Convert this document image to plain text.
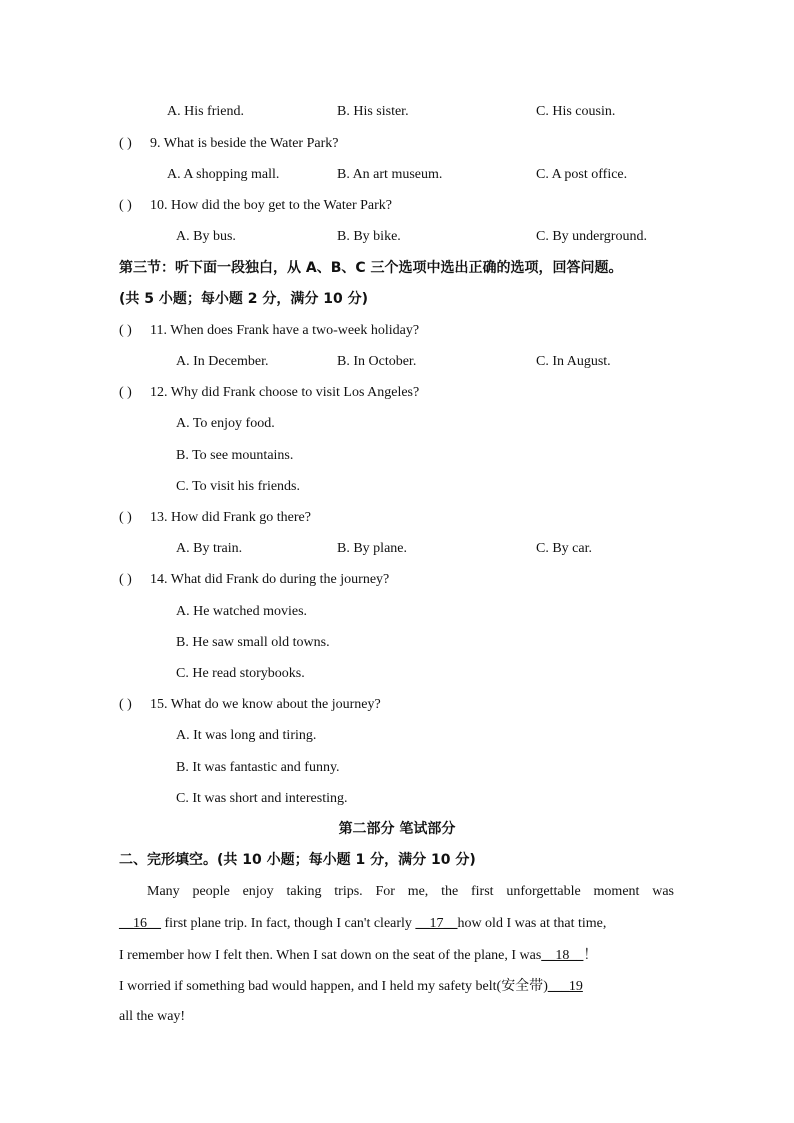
A. His friend.	B. His sister.	C. His cousin.
( ) 9. What is beside the Water Park?
A. A shopping mall.	B. An art museum.	C. A post office.
( ) 10. How did the boy get to the Water Park?
A. By bus.	B. By bike.	C. By underground.
第三节：听下面一段独白，从 A、B、C 三个选项中选出正确的选项，回答问题。
(共 5 小题；每小题 2 分，满分 10 分)
( ) 11. When does Frank have a two-week holiday?
A. In December.	B. In October.	C. In August.
( ) 12. Why did Frank choose to visit Los Angeles?
A. To enjoy food.
B. To see mountains.
C. To visit his friends.
( ) 13. How did Frank go there?
A. By train.	B. By plane.	C. By car.
( ) 14. What did Frank do during the journey?
A. He watched movies.
B. He saw small old towns.
C. He read storybooks.
( ) 15. What do we know about the journey?
A. It was long and tiring.
B. It was fantastic and funny.
C. It was short and interesting.
第二部分 笔试部分
二、完形填空。(共 10 小题；每小题 1 分，满分 10 分)
Many people enjoy taking trips. For me, the first unforgettable moment was
__16__ first plane trip. In fact, though I can't clearly __17__how old I was at that time,
I remember how I felt then. When I sat down on the seat of the plane, I was__18__！
I worried if something bad would happen, and I held my safety belt(安全带)___19
all the way!
